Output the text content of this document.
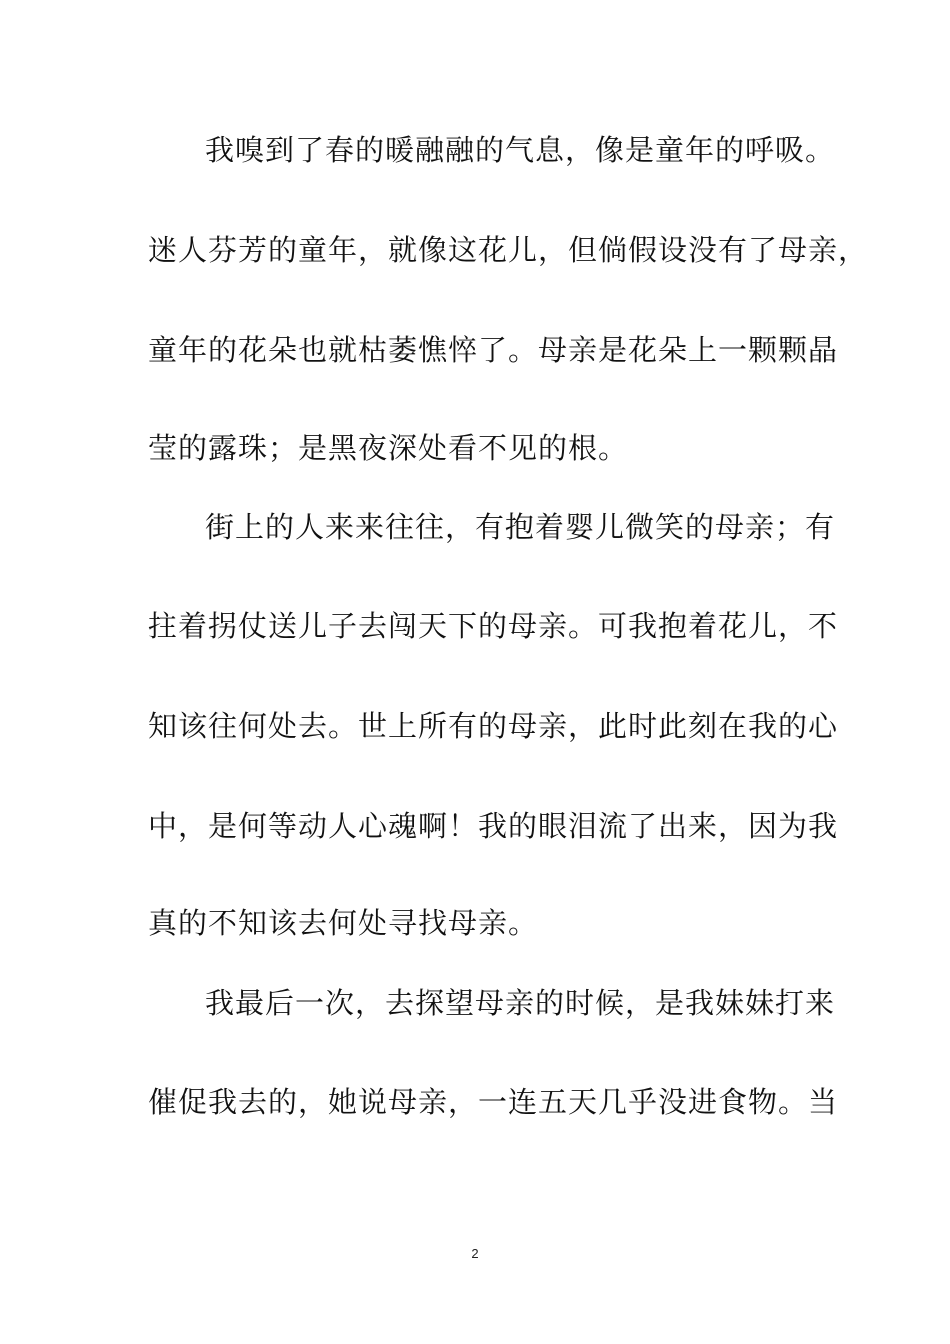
我嗅到了春的暖融融的气息，像是童年的呼吸。
迷人芬芳的童年，就像这花儿，但倘假设没有了母亲，
童年的花朵也就枯萎憔悴了。母亲是花朵上一颗颗晶
莹的露珠；是黑夜深处看不见的根。
街上的人来来往往，有抱着婴儿微笑的母亲；有
拄着拐仗送儿子去闯天下的母亲。可我抱着花儿，不
知该往何处去。世上所有的母亲，此时此刻在我的心
中，是何等动人心魂啊！我的眼泪流了出来，因为我
真的不知该去何处寻找母亲。
我最后一次，去探望母亲的时候，是我妹妹打来
催促我去的，她说母亲，一连五天几乎没进食物。当
2
